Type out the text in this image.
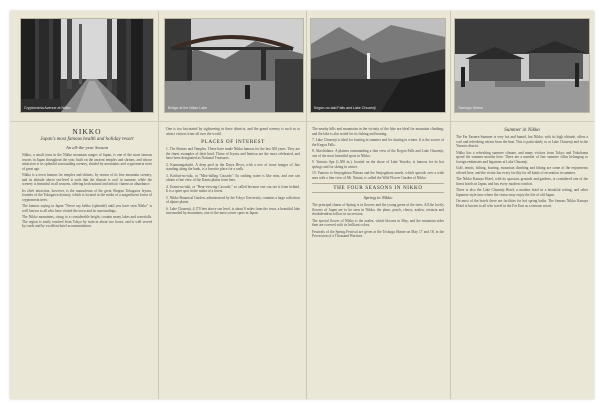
Cryptomeria Avenue at Nikko	Bridge at the Nikko Lake	Kegon-no-taki Falls and Lake Chuzenji	Toshogu Shrine
NIKKO
Japan's most famous health and holiday resort
An all-the-year Season

Nikko, a small town in the Nikko mountain ranges of Japan, is one of the most famous resorts in Japan throughout the year, built on the ancient temples and shrines, and whose attraction is its splendid surrounding scenery, shaded by mountains and cryptomeria trees of great age.

Nikko is a town famous for temples and shrines, by reason of its fine mountain scenery, and its altitude above sea-level is such that the climate is cool in summer, while the scenery is beautiful in all seasons, offering both natural and artistic charms in abundance.

Its chief attraction, however, is the mausoleum of the great Shogun Tokugawa Ieyasu, founder of the Tokugawa dynasty, which is located in the midst of a magnificent forest of cryptomeria trees.

The famous saying in Japan "Never say kekko (splendid) until you have seen Nikko" is well known to all who have visited the town and its surroundings.

The Nikko mountains, rising to a considerable height, contain many lakes and waterfalls. The region is easily reached from Tokyo by train in about two hours, and is well served by roads and by excellent hotel accommodation.

One is too fascinated by sightseeing in these districts, and the grand scenery is such as to attract visitors from all over the world.

PLACES OF INTEREST

1. The Shrines and Temples. These have made Nikko famous for the last 300 years. They are the finest examples of their kind. Those of Ieyasu and Iemitsu are the most celebrated, and have been designated as National Treasures.

2. Kanmangafuchi. A deep pool in the Daiya River, with a row of stone images of Jizo standing along the bank, is a favorite place for a walk.

3. Kirifuri-no-taki, or "Mist-falling Cascade." Its rushing water is like mist, and one can obtain a fine view of the Kanto plains from here.

4. Urami-no-taki, or "Rear-viewing Cascade," so called because one can see it from behind. It is a quiet spot in the midst of a forest.

5. Nikko Botanical Garden, administered by the Tokyo University, contains a large collection of alpine plants.

6. Lake Chuzenji, 4,170 feet above sea level, is about 8 miles from the town, a beautiful lake surrounded by mountains, one of the most scenic spots in Japan.

The nearby hills and mountains in the vicinity of the lake are ideal for mountain climbing, and the lake is also noted for its fishing and boating.

7. Lake Chuzenji is ideal for boating in summer and for skating in winter. It is the source of the Kegon Falls.

8. Akechidaira. A plateau commanding a fine view of the Kegon Falls and Lake Chuzenji, one of the most beautiful spots in Nikko.

9. Yumoto Spa (1,500 m.), located on the shore of Lake Yunoko, is famous for its hot springs and for skiing in winter.

10. Yumoto to Senjogahara Plateau and the Senjogahara marsh, which spreads over a wide area with a fine view of Mt. Nantai, is called the Wild Flower Garden of Nikko.

THE FOUR SEASONS IN NIKKO
Spring in Nikko

The principal charm of Spring is in flowers and the young green of the trees. All the lovely flowers of Japan are to be seen in Nikko, the plum, peach, cherry, azalea, wistaria and rhododendron follow in succession.

The special flower of Nikko is the azalea, which blooms in May, and the mountain sides then are covered with its brilliant colors.

Festivals of the Spring Festival are given at the Toshogu Shrine on May 17 and 18, in the Procession of a Thousand Warriors.

Summer in Nikko

The Far Eastern Summer is very hot and humid, but Nikko, with its high altitude, offers a cool and refreshing retreat from the heat. This is particularly so at Lake Chuzenji and in the Yumoto district.

Nikko has a refreshing summer climate, and many visitors from Tokyo and Yokohama spend the summer months here. There are a number of fine summer villas belonging to foreign embassies and legations at Lake Chuzenji.

Golf, tennis, fishing, boating, mountain climbing and hiking are some of the enjoyments offered here, and the visitor has every facility for all kinds of recreation in summer.

The Nikko Kanaya Hotel, with its spacious grounds and gardens, is considered one of the finest hotels in Japan, and has every modern comfort.

There is also the Lake Chuzenji Hotel, a modern hotel in a beautiful setting, and other Japanese style inns where the visitor may enjoy the life of old Japan.

On most of the hotels there are facilities for hot spring baths. The famous Nikko Kanaya Hotel is known to all who travel in the Far East as a famous resort.
